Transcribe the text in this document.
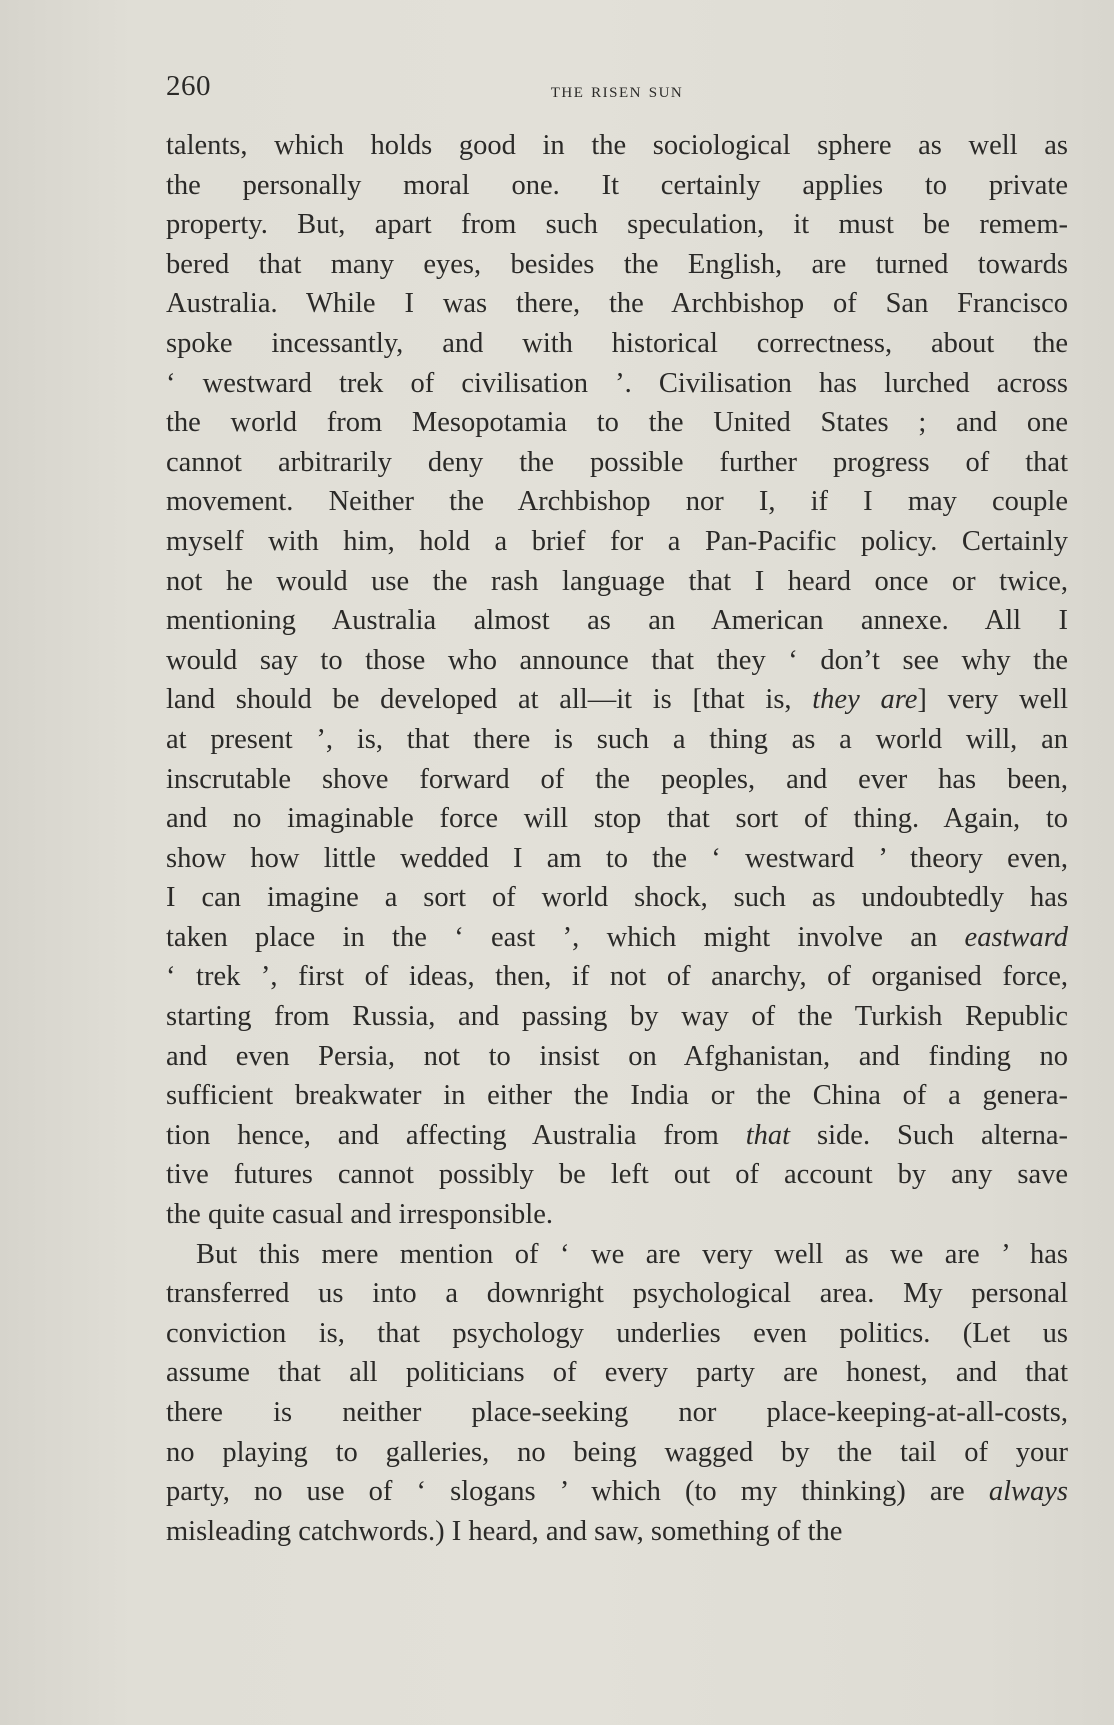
260	the risen sun
talents, which holds good in the sociological sphere as well as
the personally moral one. It certainly applies to private
property. But, apart from such speculation, it must be remem-
bered that many eyes, besides the English, are turned towards
Australia. While I was there, the Archbishop of San Francisco
spoke incessantly, and with historical correctness, about the
‘ westward trek of civilisation ’. Civilisation has lurched across
the world from Mesopotamia to the United States ; and one
cannot arbitrarily deny the possible further progress of that
movement. Neither the Archbishop nor I, if I may couple
myself with him, hold a brief for a Pan-Pacific policy. Certainly
not he would use the rash language that I heard once or twice,
mentioning Australia almost as an American annexe. All I
would say to those who announce that they ‘ don’t see why the
land should be developed at all—it is [that is, they are] very well
at present ’, is, that there is such a thing as a world will, an
inscrutable shove forward of the peoples, and ever has been,
and no imaginable force will stop that sort of thing. Again, to
show how little wedded I am to the ‘ westward ’ theory even,
I can imagine a sort of world shock, such as undoubtedly has
taken place in the ‘ east ’, which might involve an eastward
‘ trek ’, first of ideas, then, if not of anarchy, of organised force,
starting from Russia, and passing by way of the Turkish Republic
and even Persia, not to insist on Afghanistan, and finding no
sufficient breakwater in either the India or the China of a genera-
tion hence, and affecting Australia from that side. Such alterna-
tive futures cannot possibly be left out of account by any save
the quite casual and irresponsible.
But this mere mention of ‘ we are very well as we are ’ has
transferred us into a downright psychological area. My personal
conviction is, that psychology underlies even politics. (Let us
assume that all politicians of every party are honest, and that
there is neither place-seeking nor place-keeping-at-all-costs,
no playing to galleries, no being wagged by the tail of your
party, no use of ‘ slogans ’ which (to my thinking) are always
misleading catchwords.) I heard, and saw, something of the
